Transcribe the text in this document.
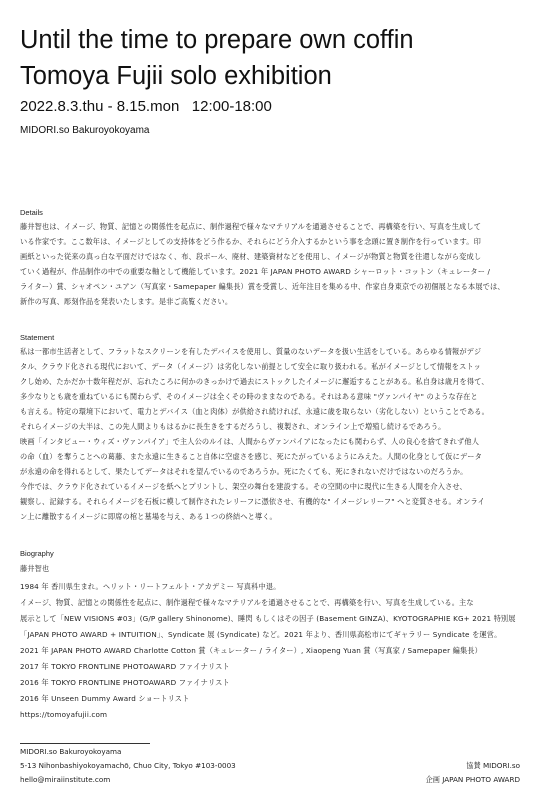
Until the time to prepare own coffin
Tomoya Fujii solo exhibition
2022.8.3.thu - 8.15.mon   12:00-18:00
MIDORI.so Bakuroyokoyama
Details
藤井智也は、イメージ、物質、記憶との関係性を起点に、制作過程で様々なマテリアルを通過させることで、再構築を行い、写真を生成して
いる作家です。ここ数年は、イメージとしての支持体をどう作るか、それらにどう介入するかという事を念頭に置き制作を行っています。印
画紙といった従来の真っ白な平面だけではなく、布、段ボール、廃材、建築資材などを使用し、イメージが物質と物質を往還しながら変成し
ていく過程が、作品制作の中での重要な軸として機能しています。2021 年 JAPAN PHOTO AWARD シャーロット・コットン（キュレーター /
ライター）賞、シャオペン・ユアン（写真家・Samepaper 編集長）賞を受賞し、近年注目を集める中、作家自身東京での初個展となる本展では、
新作の写真、彫刻作品を発表いたします。是非ご高覧ください。
Statement
私は一都市生活者として、フラットなスクリーンを有したデバイスを使用し、質量のないデータを扱い生活をしている。あらゆる情報がデジ
タル、クラウド化される現代において、データ（イメージ）は劣化しない前提として安全に取り扱われる。私がイメージとして情報をストッ
クし始め、たかだか十数年程だが、忘れたころに何かのきっかけで過去にストックしたイメージに邂逅することがある。私自身は歳月を得て、
多少なりとも歳を重ねているにも関わらず、そのイメージは全くその時のままなのである。それはある意味 "ヴァンパイヤ" のような存在と
も言える。特定の環境下において、電力とデバイス（血と肉体）が供給され続ければ、永遠に歳を取らない（劣化しない）ということである。
それらイメージの大半は、この先人間よりもはるかに長生きをするだろうし、複製され、オンライン上で増殖し続けるであろう。
映画「インタビュー・ウィズ・ヴァンパイア」で主人公のルイは、人間からヴァンパイアになったにも関わらず、人の良心を捨てきれず他人
の命（血）を奪うことへの葛藤、また永遠に生きること自体に空虚さを感じ、死にたがっているようにみえた。人間の化身として仮にデータ
が永遠の命を得れるとして、果たしてデータはそれを望んでいるのであろうか。死にたくても、死にきれないだけではないのだろうか。
今作では、クラウド化されているイメージを紙へとプリントし、架空の舞台を建設する。その空間の中に現代に生きる人間を介入させ、
観察し、記録する。それらイメージを石板に模して制作されたレリーフに憑依させ、有機的な" イメージレリーフ" へと変質させる。オンライ
ン上に離散するイメージに即席の棺と墓場を与え、ある１つの終結へと導く。
Biography
藤井智也
1984 年 香川県生まれ。ヘリット・リートフェルト・アカデミー 写真科中退。
イメージ、物質、記憶との関係性を起点に、制作過程で様々なマテリアルを通過させることで、再構築を行い、写真を生成している。主な
展示として「NEW VISIONS #03」(G/P gallery Shinonome)、睡閃 もしくはその因子 (Basement GINZA)、KYOTOGRAPHIE KG+ 2021 特別展
「JAPAN PHOTO AWARD + INTUITION」、Syndicate 展 (Syndicate) など。2021 年より、香川県高松市にてギャラリー Syndicate を運営。
2021 年 JAPAN PHOTO AWARD Charlotte Cotton 賞（キュレーター / ライター）, Xiaopeng Yuan 賞（写真家 / Samepaper 編集長）
2017 年 TOKYO FRONTLINE PHOTOAWARD ファイナリスト
2016 年 TOKYO FRONTLINE PHOTOAWARD ファイナリスト
2016 年 Unseen Dummy Award ショートリスト
https://tomoyafujii.com
MIDORI.so Bakuroyokoyama
5-13 Nihonbashiyokoyamachō, Chuo City, Tokyo #103-0003
hello@miraiinstitute.com
協賛 MIDORI.so
企画 JAPAN PHOTO AWARD
